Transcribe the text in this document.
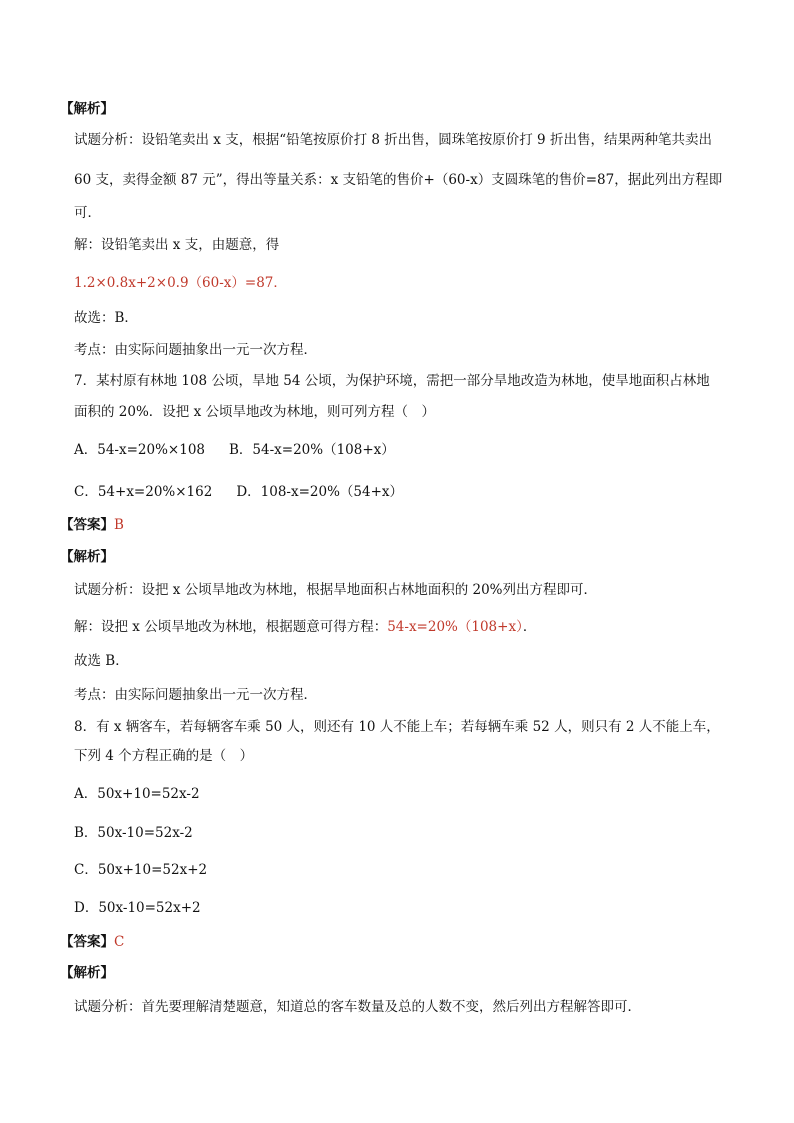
【解析】
试题分析：设铅笔卖出 x 支，根据“铅笔按原价打 8 折出售，圆珠笔按原价打 9 折出售，结果两种笔共卖出
60 支，卖得金额 87 元”，得出等量关系：x 支铅笔的售价+（60-x）支圆珠笔的售价=87，据此列出方程即
可．
解：设铅笔卖出 x 支，由题意，得
1.2×0.8x+2×0.9（60-x）=87．
故选：B．
考点：由实际问题抽象出一元一次方程．
7．某村原有林地 108 公顷，旱地 54 公顷，为保护环境，需把一部分旱地改造为林地，使旱地面积占林地
面积的 20%．设把 x 公顷旱地改为林地，则可列方程（　）
A．54-x=20%×108 B．54-x=20%（108+x）
C．54+x=20%×162 D．108-x=20%（54+x）
【答案】B
【解析】
试题分析：设把 x 公顷旱地改为林地，根据旱地面积占林地面积的 20%列出方程即可．
解：设把 x 公顷旱地改为林地，根据题意可得方程：54-x=20%（108+x）．
故选 B．
考点：由实际问题抽象出一元一次方程．
8．有 x 辆客车，若每辆客车乘 50 人，则还有 10 人不能上车；若每辆车乘 52 人，则只有 2 人不能上车，
下列 4 个方程正确的是（　）
A．50x+10=52x-2
B．50x-10=52x-2
C．50x+10=52x+2
D．50x-10=52x+2
【答案】C
【解析】
试题分析：首先要理解清楚题意，知道总的客车数量及总的人数不变，然后列出方程解答即可．
